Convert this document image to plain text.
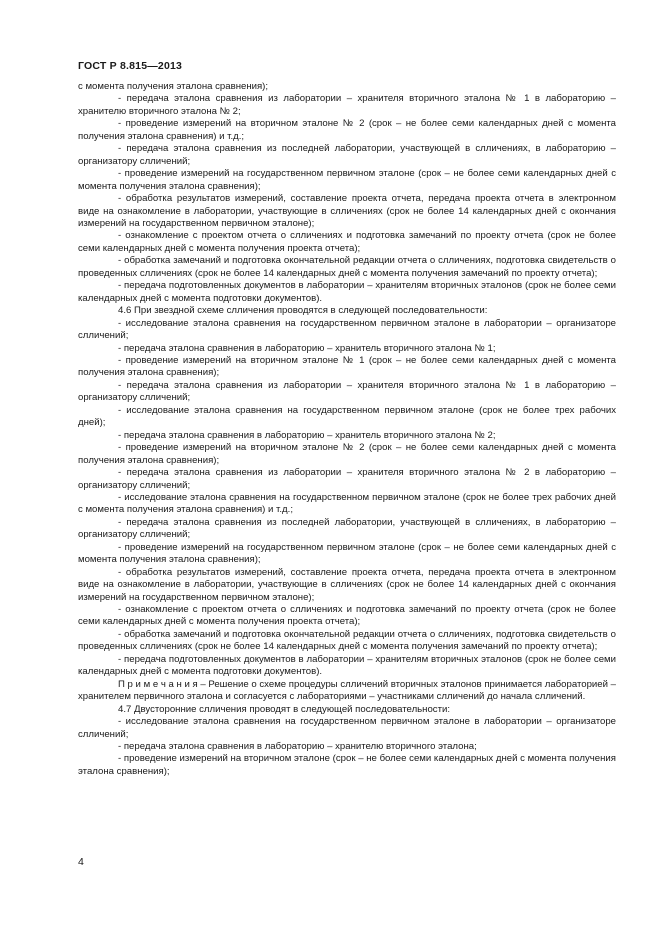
ГОСТ Р 8.815—2013

с момента получения эталона сравнения);

- передача эталона сравнения из лаборатории – хранителя вторичного эталона № 1 в лабораторию – хранителю вторичного эталона № 2;

- проведение измерений на вторичном эталоне № 2 (срок – не более семи календарных дней с момента получения эталона сравнения) и т.д.;

- передача эталона сравнения из последней лаборатории, участвующей в слличениях, в лабораторию – организатору слличений;

- проведение измерений на государственном первичном эталоне (срок – не более семи календарных дней с момента получения эталона сравнения);

- обработка результатов измерений, составление проекта отчета, передача проекта отчета в электронном виде на ознакомление в лаборатории, участвующие в слличениях (срок не более 14 календарных дней с окончания измерений на государственном первичном эталоне);

- ознакомление с проектом отчета о слличениях и подготовка замечаний по проекту отчета (срок не более семи календарных дней с момента получения проекта отчета);

- обработка замечаний и подготовка окончательной редакции отчета о слличениях, подготовка свидетельств о проведенных слличениях (срок не более 14 календарных дней с момента получения замечаний по проекту отчета);

- передача подготовленных документов в лаборатории – хранителям вторичных эталонов (срок не более семи календарных дней с момента подготовки документов).

4.6 При звездной схеме слличения проводятся в следующей последовательности:

- исследование эталона сравнения на государственном первичном эталоне в лаборатории – организаторе слличений;

- передача эталона сравнения в лабораторию – хранитель вторичного эталона № 1;

- проведение измерений на вторичном эталоне № 1 (срок – не более семи календарных дней с момента получения эталона сравнения);

- передача эталона сравнения из лаборатории – хранителя вторичного эталона № 1 в лабораторию – организатору слличений;

- исследование эталона сравнения на государственном первичном эталоне (срок не более трех рабочих дней);

- передача эталона сравнения в лабораторию – хранитель вторичного эталона № 2;

- проведение измерений на вторичном эталоне № 2 (срок – не более семи календарных дней с момента получения эталона сравнения);

- передача эталона сравнения из лаборатории – хранителя вторичного эталона № 2 в лабораторию – организатору слличений;

- исследование эталона сравнения на государственном первичном эталоне (срок не более трех рабочих дней с момента получения эталона сравнения) и т.д.;

- передача эталона сравнения из последней лаборатории, участвующей в слличениях, в лабораторию – организатору слличений;

- проведение измерений на государственном первичном эталоне (срок – не более семи календарных дней с момента получения эталона сравнения);

- обработка результатов измерений, составление проекта отчета, передача проекта отчета в электронном виде на ознакомление в лаборатории, участвующие в слличениях (срок не более 14 календарных дней с окончания измерений на государственном первичном эталоне);

- ознакомление с проектом отчета о слличениях и подготовка замечаний по проекту отчета (срок не более семи календарных дней с момента получения проекта отчета);

- обработка замечаний и подготовка окончательной редакции отчета о слличениях, подготовка свидетельств о проведенных слличениях (срок не более 14 календарных дней с момента получения замечаний по проекту отчета);

- передача подготовленных документов в лаборатории – хранителям вторичных эталонов (срок не более семи календарных дней с момента подготовки документов).

П р и м е ч а н и я – Решение о схеме процедуры слличений вторичных эталонов принимается лабораторией – хранителем первичного эталона и согласуется с лабораториями – участниками слличений до начала слличений.

4.7 Двусторонние слличения проводят в следующей последовательности:

- исследование эталона сравнения на государственном первичном эталоне в лаборатории – организаторе слличений;

- передача эталона сравнения в лабораторию – хранителю вторичного эталона;

- проведение измерений на вторичном эталоне (срок – не более семи календарных дней с момента получения эталона сравнения);

4
